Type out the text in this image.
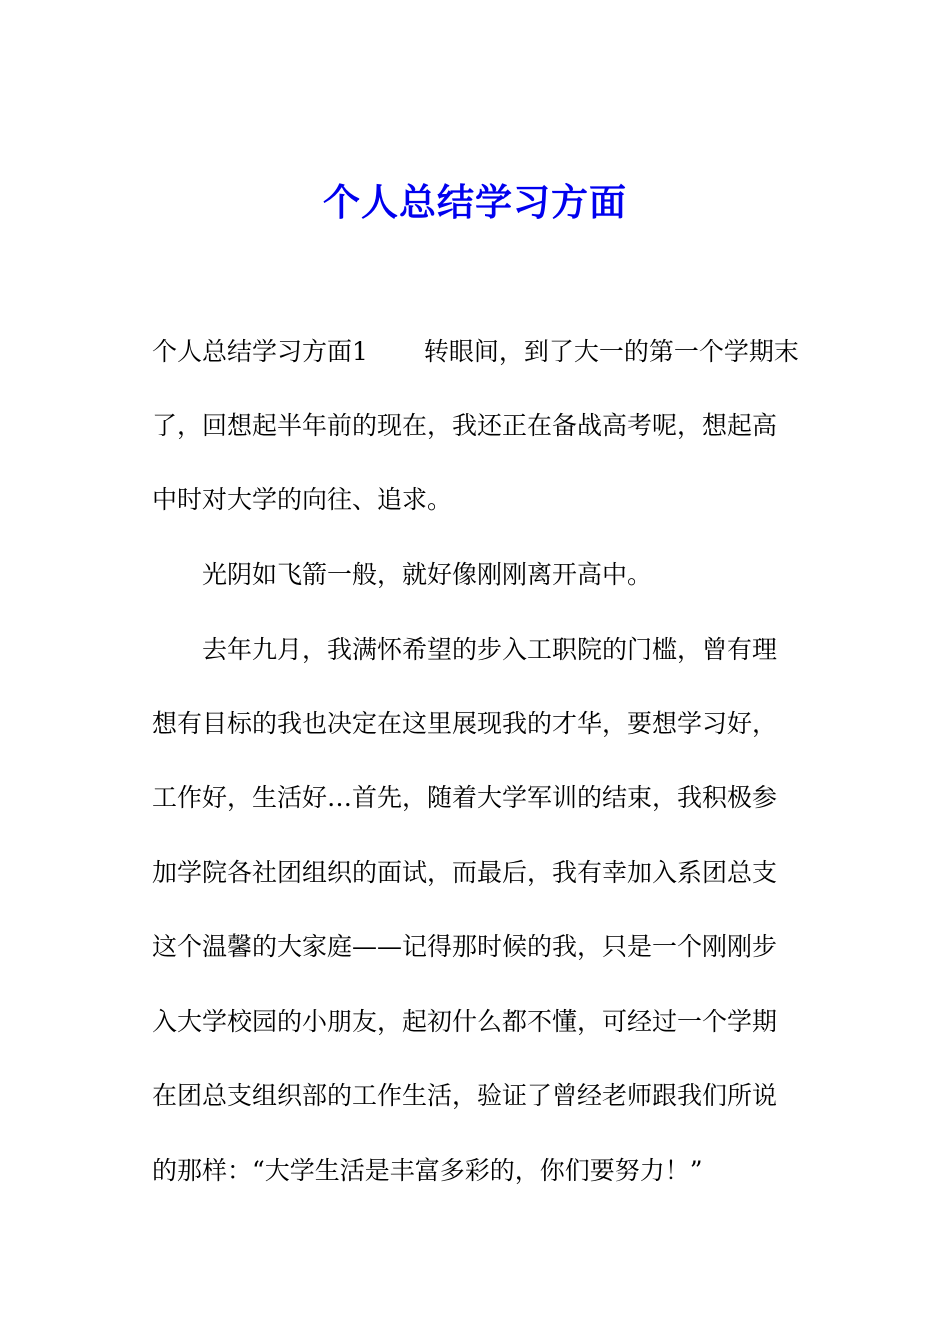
个人总结学习方面
个人总结学习方面1 转眼间，到了大一的第一个学期末
了，回想起半年前的现在，我还正在备战高考呢，想起高
中时对大学的向往、追求。
光阴如飞箭一般，就好像刚刚离开高中。
去年九月，我满怀希望的步入工职院的门槛，曾有理
想有目标的我也决定在这里展现我的才华，要想学习好，
工作好，生活好…首先，随着大学军训的结束，我积极参
加学院各社团组织的面试，而最后，我有幸加入系团总支
这个温馨的大家庭——记得那时候的我，只是一个刚刚步
入大学校园的小朋友，起初什么都不懂，可经过一个学期
在团总支组织部的工作生活，验证了曾经老师跟我们所说
的那样：“大学生活是丰富多彩的，你们要努力！”
